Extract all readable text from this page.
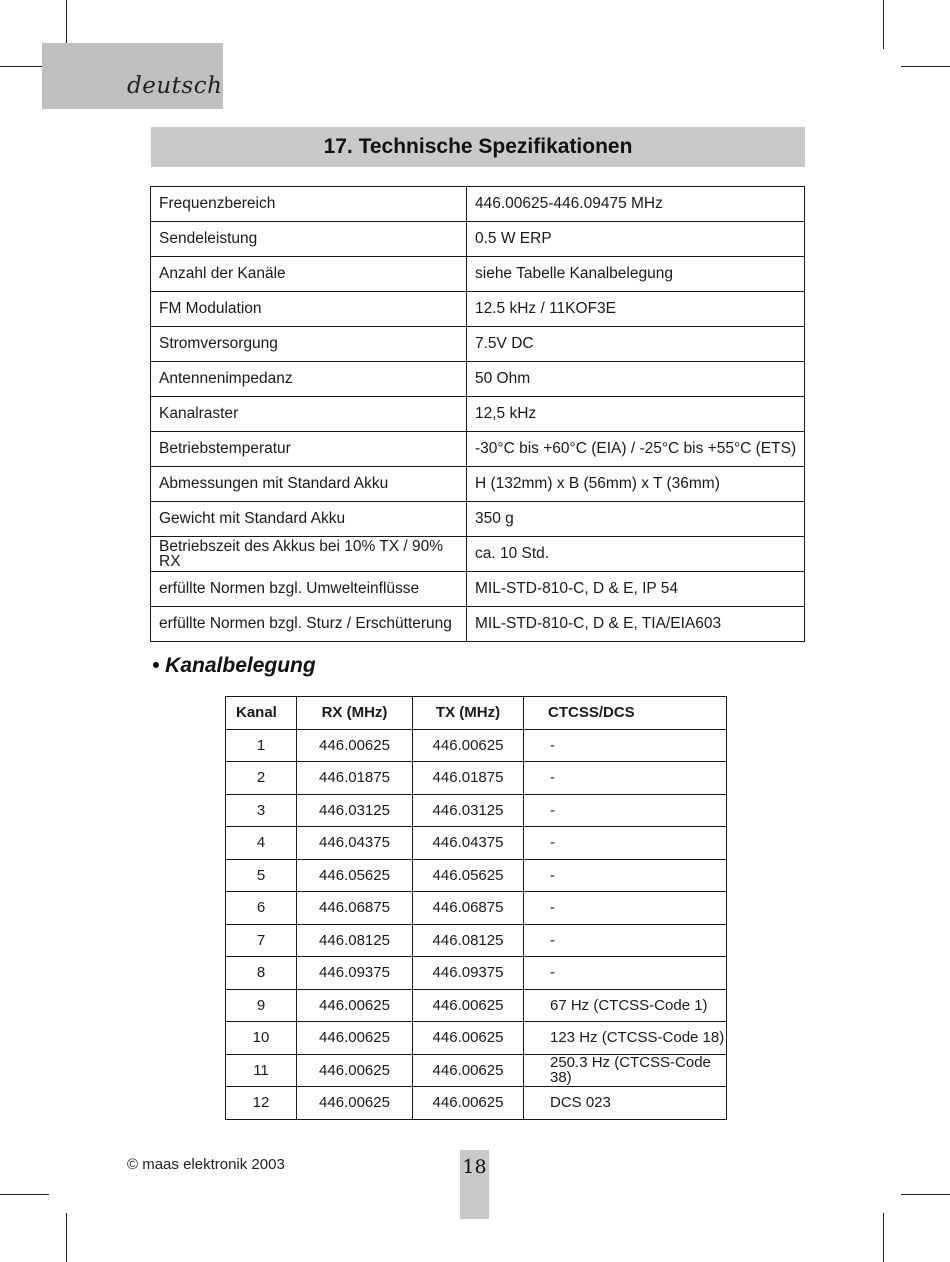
deutsch
17. Technische Spezifikationen
Frequenzbereich	446.00625-446.09475 MHz
Sendeleistung	0.5 W ERP
Anzahl der Kanäle	siehe Tabelle Kanalbelegung
FM Modulation	12.5 kHz / 11KOF3E
Stromversorgung	7.5V DC
Antennenimpedanz	50 Ohm
Kanalraster	12,5 kHz
Betriebstemperatur	-30°C bis +60°C (EIA) / -25°C bis +55°C (ETS)
Abmessungen mit Standard Akku	H (132mm) x B (56mm) x T (36mm)
Gewicht mit Standard Akku	350 g
Betriebszeit des Akkus bei 10% TX / 90% RX	ca. 10 Std.
erfüllte Normen bzgl. Umwelteinflüsse	MIL-STD-810-C, D & E, IP 54
erfüllte Normen bzgl. Sturz / Erschütterung	MIL-STD-810-C, D & E, TIA/EIA603
• Kanalbelegung
Kanal	RX (MHz)	TX (MHz)	CTCSS/DCS
1	446.00625	446.00625	-
2	446.01875	446.01875	-
3	446.03125	446.03125	-
4	446.04375	446.04375	-
5	446.05625	446.05625	-
6	446.06875	446.06875	-
7	446.08125	446.08125	-
8	446.09375	446.09375	-
9	446.00625	446.00625	67 Hz (CTCSS-Code 1)
10	446.00625	446.00625	123 Hz (CTCSS-Code 18)
11	446.00625	446.00625	250.3 Hz (CTCSS-Code 38)
12	446.00625	446.00625	DCS 023
© maas elektronik 2003	18
